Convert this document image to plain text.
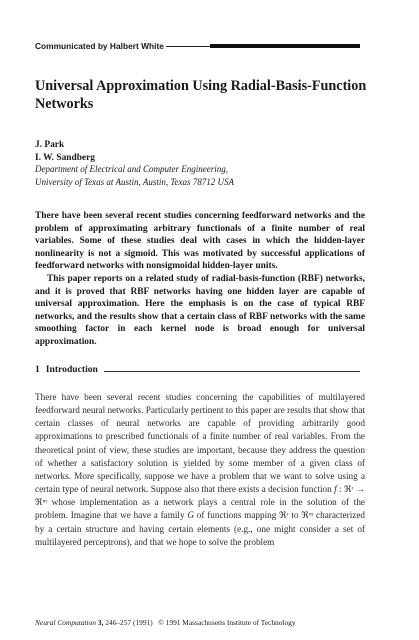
Communicated by Halbert White
Universal Approximation Using Radial-Basis-Function Networks
J. Park
I. W. Sandberg
Department of Electrical and Computer Engineering,
University of Texas at Austin, Austin, Texas 78712 USA

There have been several recent studies concerning feedforward networks and the problem of approximating arbitrary functionals of a finite number of real variables. Some of these studies deal with cases in which the hidden-layer nonlinearity is not a sigmoid. This was motivated by successful applications of feedforward networks with nonsigmoidal hidden-layer units.

This paper reports on a related study of radial-basis-function (RBF) networks, and it is proved that RBF networks having one hidden layer are capable of universal approximation. Here the emphasis is on the case of typical RBF networks, and the results show that a certain class of RBF networks with the same smoothing factor in each kernel node is broad enough for universal approximation.

1 Introduction

There have been several recent studies concerning the capabilities of multilayered feedforward neural networks. Particularly pertinent to this paper are results that show that certain classes of neural networks are capable of providing arbitrarily good approximations to prescribed functionals of a finite number of real variables. From the theoretical point of view, these studies are important, because they address the question of whether a satisfactory solution is yielded by some member of a given class of networks. More specifically, suppose we have a problem that we want to solve using a certain type of neural network. Suppose also that there exists a decision function f : ℜʳ → ℜᵐ whose implementation as a network plays a central role in the solution of the problem. Imagine that we have a family G of functions mapping ℜʳ to ℜᵐ characterized by a certain structure and having certain elements (e.g., one might consider a set of multilayered perceptrons), and that we hope to solve the problem

Neural Computation 3, 246–257 (1991) © 1991 Massachusetts Institute of Technology
